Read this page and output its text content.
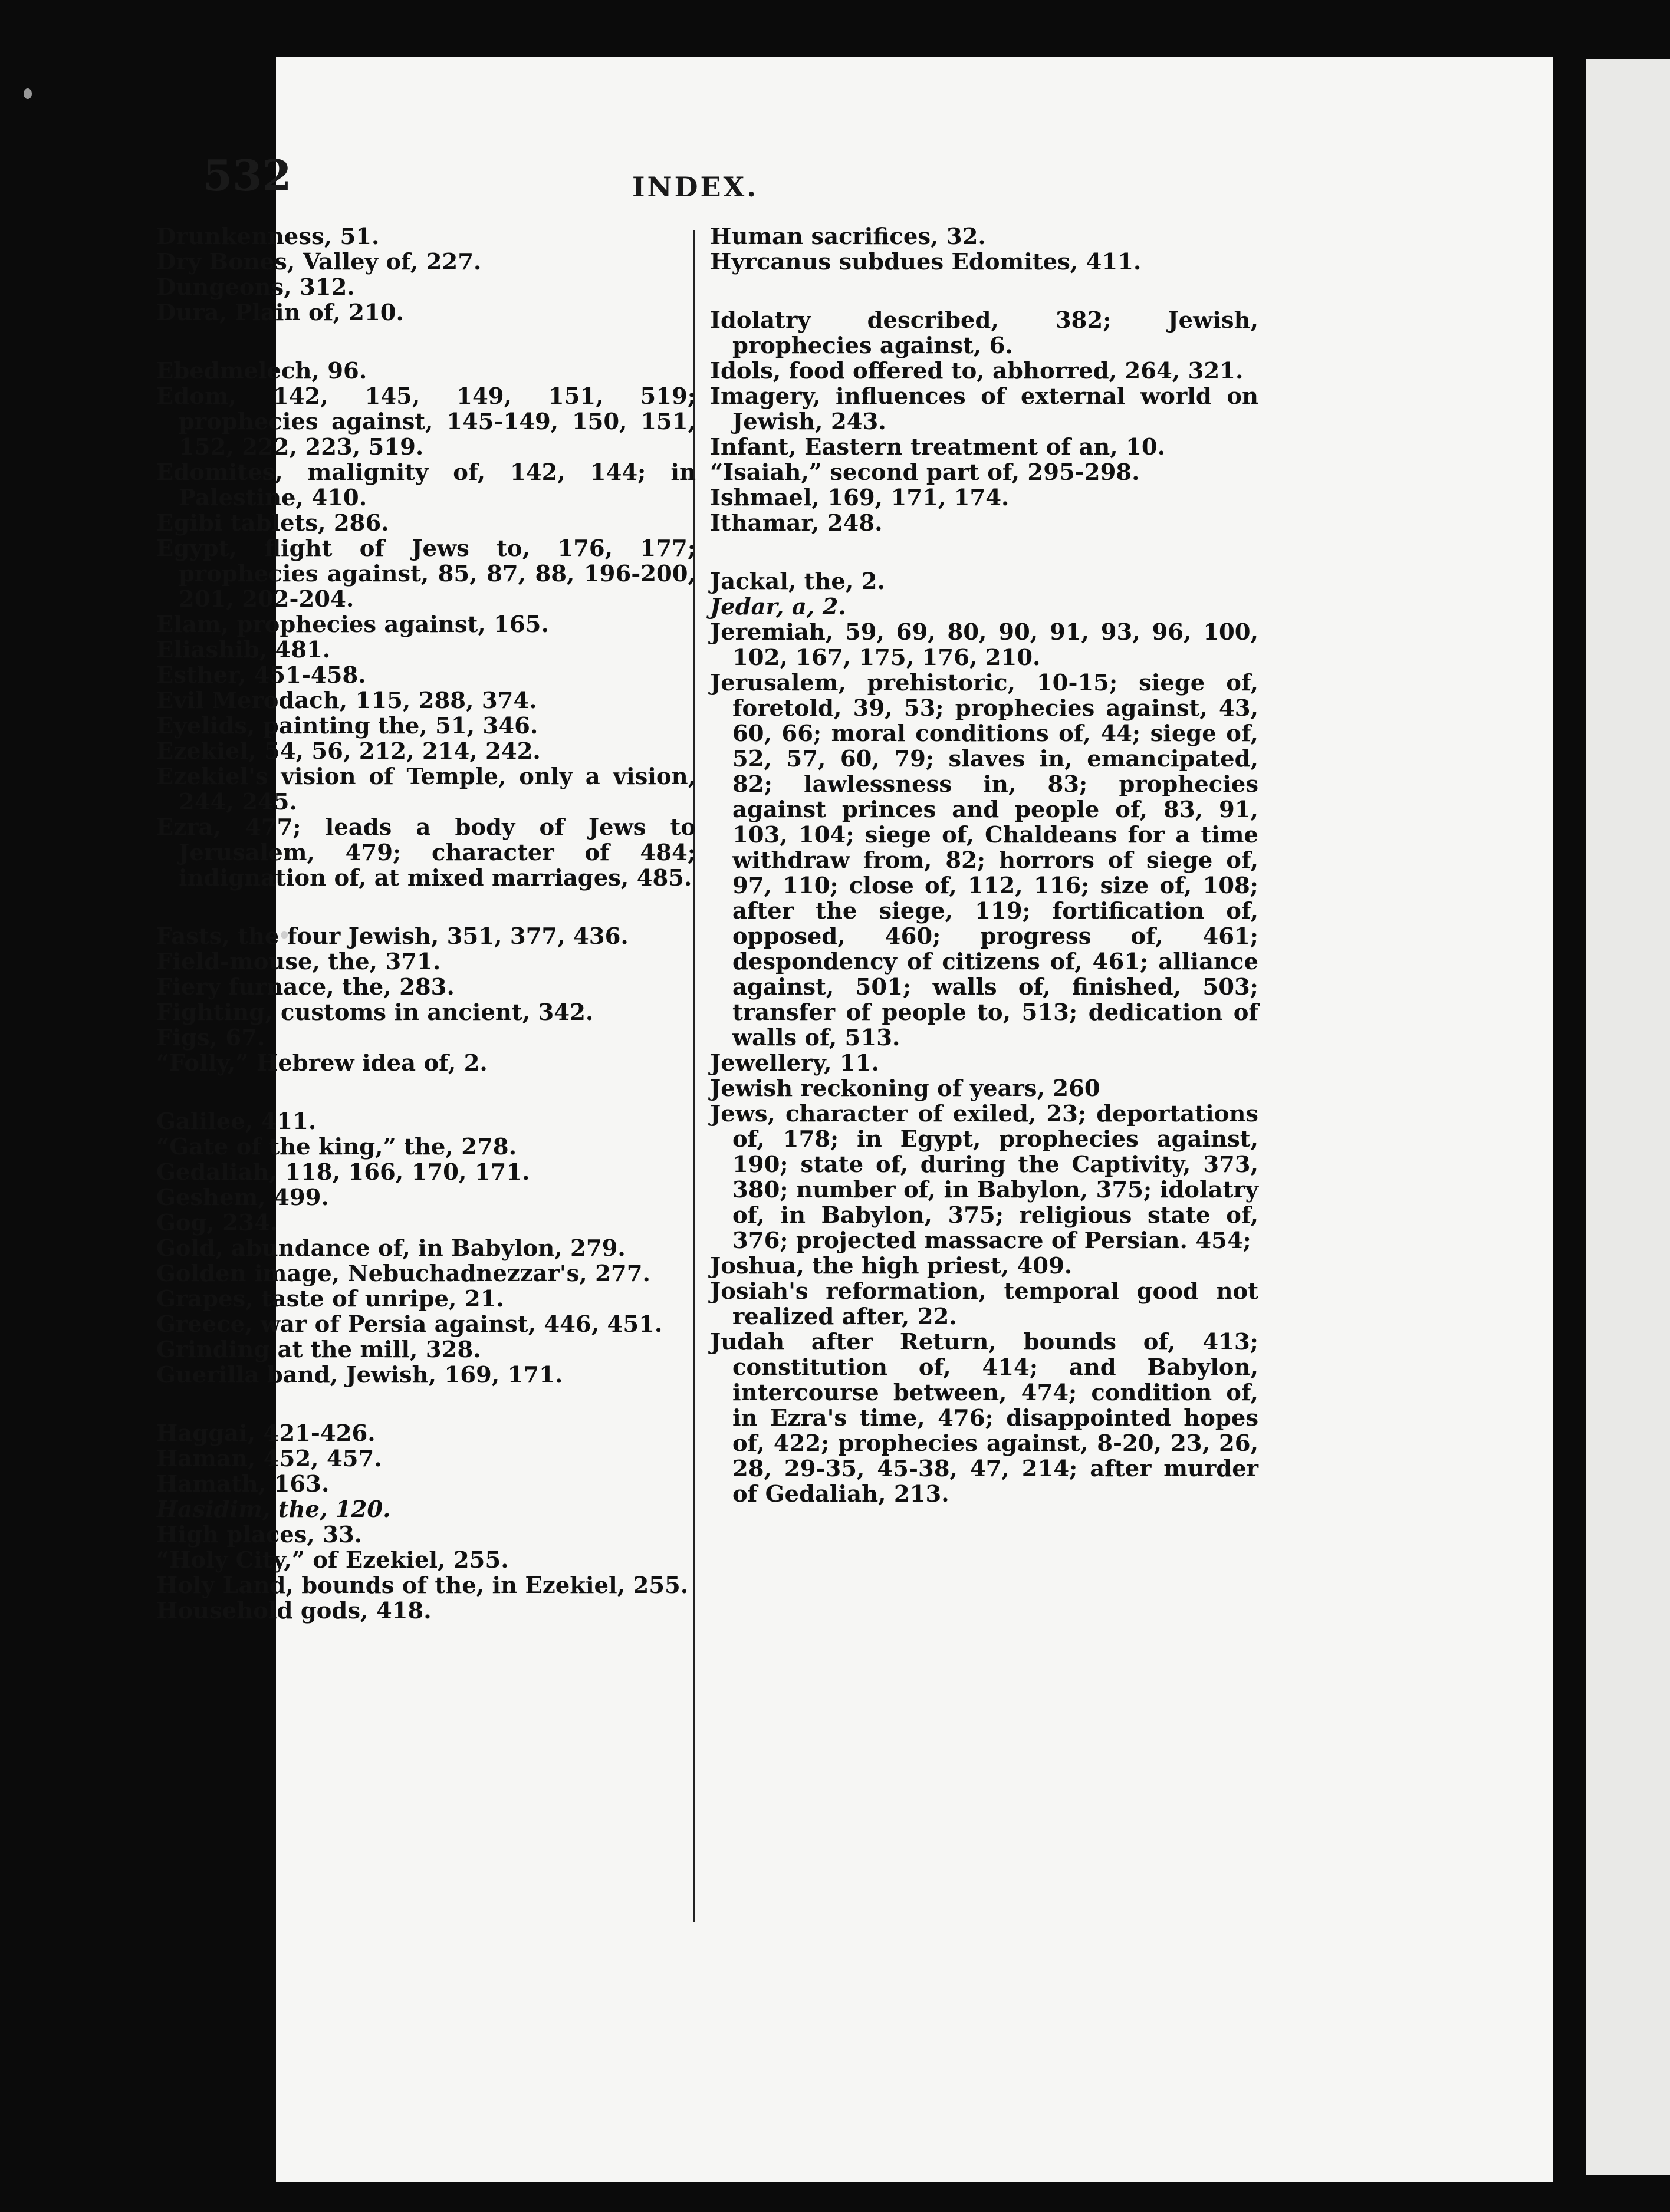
532	INDEX.
Drunkenness, 51.
Dry Bones, Valley of, 227.
Dungeons, 312.
Dura, Plain of, 210.
Ebedmelech, 96.
Edom, 142, 145, 149, 151, 519; prophecies against, 145-149, 150, 151, 152, 222, 223, 519.
Edomites, malignity of, 142, 144; in Palestine, 410.
Egibi tablets, 286.
Egypt, flight of Jews to, 176, 177; prophecies against, 85, 87, 88, 196-200, 201, 202-204.
Elam, prophecies against, 165.
Eliashib, 481.
Esther, 451-458.
Evil Merodach, 115, 288, 374.
Eyelids, painting the, 51, 346.
Ezekiel, 54, 56, 212, 214, 242.
Ezekiel's vision of Temple, only a vision, 244, 245.
Ezra, 477; leads a body of Jews to Jerusalem, 479; character of 484; indignation of, at mixed marriages, 485.
Fasts, the four Jewish, 351, 377, 436.
Field-mouse, the, 371.
Fiery furnace, the, 283.
Fighting, customs in ancient, 342.
Figs, 67.
“Folly,” Hebrew idea of, 2.
Galilee, 411.
“Gate of the king,” the, 278.
Gedaliah, 118, 166, 170, 171.
Geshem, 499.
Gog, 234.
Gold, abundance of, in Babylon, 279.
Golden image, Nebuchadnezzar's, 277.
Grapes, taste of unripe, 21.
Greece, war of Persia against, 446, 451.
Grinding at the mill, 328.
Guerilla band, Jewish, 169, 171.
Haggai, 421-426.
Haman, 452, 457.
Hamath, 163.
Hasidim, the, 120.
High places, 33.
“Holy City,” of Ezekiel, 255.
Holy Land, bounds of the, in Ezekiel, 255.
Household gods, 418.
Human sacrifices, 32.
Hyrcanus subdues Edomites, 411.
Idolatry described, 382; Jewish, prophecies against, 6.
Idols, food offered to, abhorred, 264, 321.
Imagery, influences of external world on Jewish, 243.
Infant, Eastern treatment of an, 10.
“Isaiah,” second part of, 295-298.
Ishmael, 169, 171, 174.
Ithamar, 248.
Jackal, the, 2.
Jedar, a, 2.
Jeremiah, 59, 69, 80, 90, 91, 93, 96, 100, 102, 167, 175, 176, 210.
Jerusalem, prehistoric, 10-15; siege of, foretold, 39, 53; prophecies against, 43, 60, 66; moral conditions of, 44; siege of, 52, 57, 60, 79; slaves in, emancipated, 82; lawlessness in, 83; prophecies against princes and people of, 83, 91, 103, 104; siege of, Chaldeans for a time withdraw from, 82; horrors of siege of, 97, 110; close of, 112, 116; size of, 108; after the siege, 119; fortification of, opposed, 460; progress of, 461; despondency of citizens of, 461; alliance against, 501; walls of, finished, 503; transfer of people to, 513; dedication of walls of, 513.
Jewellery, 11.
Jewish reckoning of years, 260
Jews, character of exiled, 23; deportations of, 178; in Egypt, prophecies against, 190; state of, during the Captivity, 373, 380; number of, in Babylon, 375; idolatry of, in Babylon, 375; religious state of, 376; projected massacre of Persian. 454;
Joshua, the high priest, 409.
Josiah's reformation, temporal good not realized after, 22.
Judah after Return, bounds of, 413; constitution of, 414; and Babylon, intercourse between, 474; condition of, in Ezra's time, 476; disappointed hopes of, 422; prophecies against, 8-20, 23, 26, 28, 29-35, 45-38, 47, 214; after murder of Gedaliah, 213.
